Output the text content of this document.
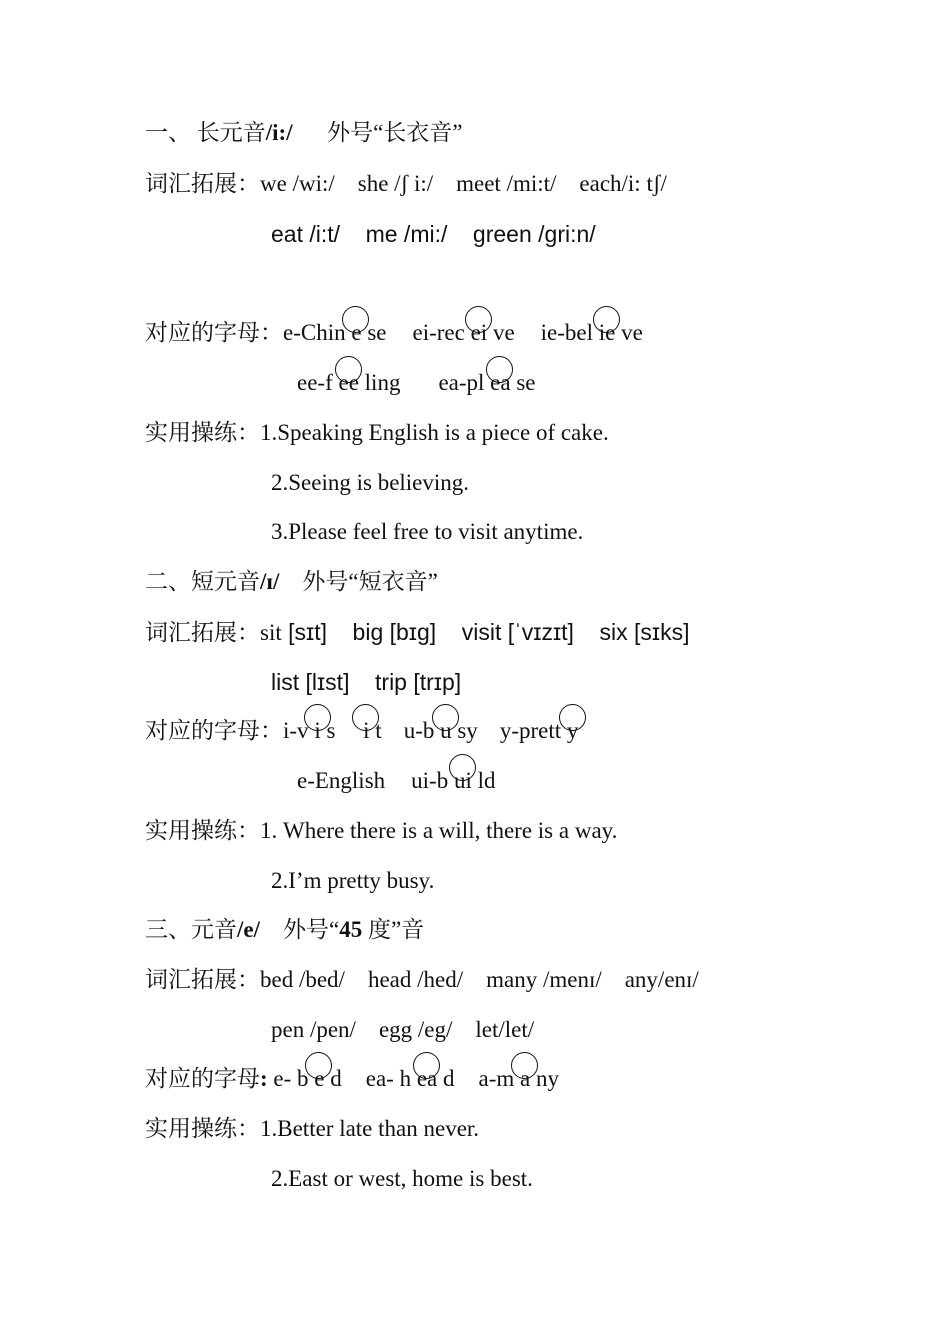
一、 长元音/i:/ 外号“长衣音”
词汇拓展：we /wi:/    she /ʃ i:/    meet /mi:t/    each/i: tʃ/
eat /i:t/    me /mi:/    green /gri:n/
对应的字母：e-Chin e
se ei-rec ei
ve ie-bel ie
ve
ee-f ee
ling ea-pl ea
se
实用操练：1.Speaking English is a piece of cake.
2.Seeing is believing.
3.Please feel free to visit anytime.
二、短元音/ɪ/ 外号“短衣音”
词汇拓展：sit [sɪt]    big [bɪg]    visit [ˈvɪzɪt]    six [sɪks]
list [lɪst]    trip [trɪp]
对应的字母：i-v i
s i
t u-b u
sy y-prett y
e-English ui-b ui
ld
实用操练：1. Where there is a will, there is a way.
2.I’m pretty busy.
三、元音/e/ 外号“45 度”音
词汇拓展：bed /bed/    head /hed/    many /menɪ/    any/enɪ/
pen /pen/    egg /eg/    let/let/
对应的字母: e- b e
d ea- h ea
d a-m a
ny
实用操练：1.Better late than never.
2.East or west, home is best.
